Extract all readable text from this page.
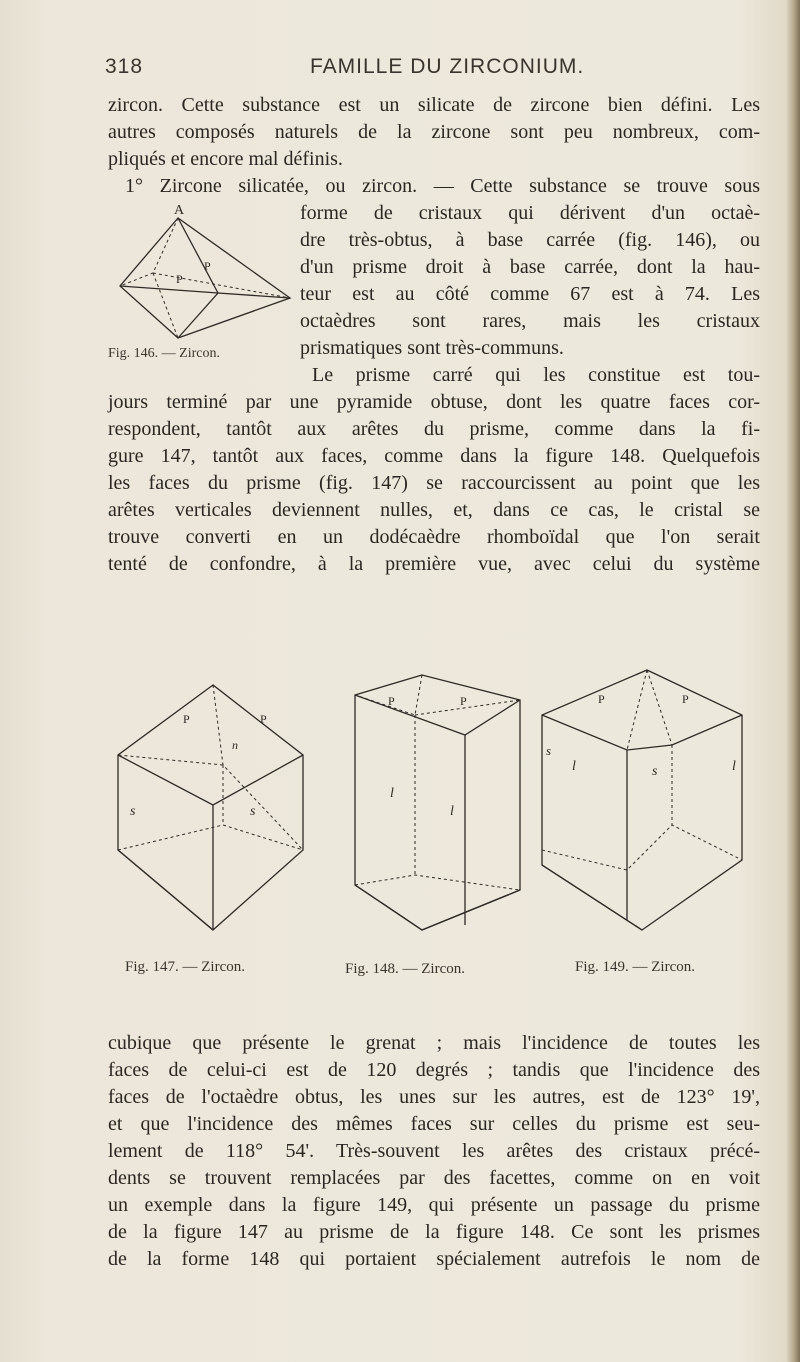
318	FAMILLE DU ZIRCONIUM.
zircon. Cette substance est un silicate de zircone bien défini. Les
autres composés naturels de la zircone sont peu nombreux, com-
pliqués et encore mal définis.
1° Zircone silicatée, ou zircon. — Cette substance se trouve sous
A
P
P
Fig. 146. — Zircon.
forme de cristaux qui dérivent d'un octaè-
dre très-obtus, à base carrée (fig. 146), ou
d'un prisme droit à base carrée, dont la hau-
teur est au côté comme 67 est à 74. Les
octaèdres sont rares, mais les cristaux
prismatiques sont très-communs.
Le prisme carré qui les constitue est tou-
jours terminé par une pyramide obtuse, dont les quatre faces cor-
respondent, tantôt aux arêtes du prisme, comme dans la fi-
gure 147, tantôt aux faces, comme dans la figure 148. Quelquefois
les faces du prisme (fig. 147) se raccourcissent au point que les
arêtes verticales deviennent nulles, et, dans ce cas, le cristal se
trouve converti en un dodécaèdre rhomboïdal que l'on serait
tenté de confondre, à la première vue, avec celui du système
P	P
n
s	s
P	P
l
l
P	P
s
l	s	l
Fig. 147. — Zircon.	Fig. 148. — Zircon.	Fig. 149. — Zircon.
cubique que présente le grenat ; mais l'incidence de toutes les
faces de celui-ci est de 120 degrés ; tandis que l'incidence des
faces de l'octaèdre obtus, les unes sur les autres, est de 123° 19',
et que l'incidence des mêmes faces sur celles du prisme est seu-
lement de 118° 54'. Très-souvent les arêtes des cristaux précé-
dents se trouvent remplacées par des facettes, comme on en voit
un exemple dans la figure 149, qui présente un passage du prisme
de la figure 147 au prisme de la figure 148. Ce sont les prismes
de la forme 148 qui portaient spécialement autrefois le nom de
